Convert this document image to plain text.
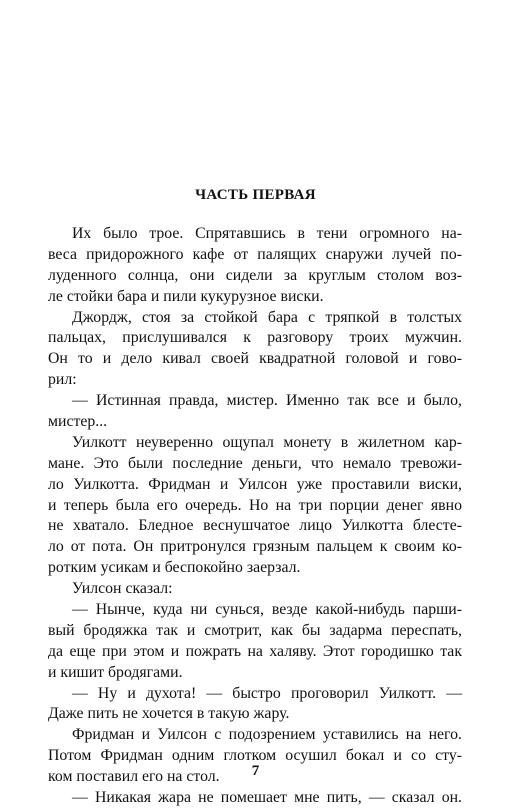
ЧАСТЬ ПЕРВАЯ
Их было трое. Спрятавшись в тени огромного на-
веса придорожного кафе от палящих снаружи лучей по-
луденного солнца, они сидели за круглым столом воз-
ле стойки бара и пили кукурузное виски.
Джордж, стоя за стойкой бара с тряпкой в толстых
пальцах, прислушивался к разговору троих мужчин.
Он то и дело кивал своей квадратной головой и гово-
рил:
— Истинная правда, мистер. Именно так все и было,
мистер...
Уилкотт неуверенно ощупал монету в жилетном кар-
мане. Это были последние деньги, что немало тревожи-
ло Уилкотта. Фридман и Уилсон уже проставили виски,
и теперь была его очередь. Но на три порции денег явно
не хватало. Бледное веснушчатое лицо Уилкотта блесте-
ло от пота. Он притронулся грязным пальцем к своим ко-
ротким усикам и беспокойно заерзал.
Уилсон сказал:
— Нынче, куда ни сунься, везде какой-нибудь парши-
вый бродяжка так и смотрит, как бы задарма переспать,
да еще при этом и пожрать на халяву. Этот городишко так
и кишит бродягами.
— Ну и духота! — быстро проговорил Уилкотт. —
Даже пить не хочется в такую жару.
Фридман и Уилсон с подозрением уставились на него.
Потом Фридман одним глотком осушил бокал и со сту-
ком поставил его на стол.
— Никакая жара не помешает мне пить, — сказал он.
7
